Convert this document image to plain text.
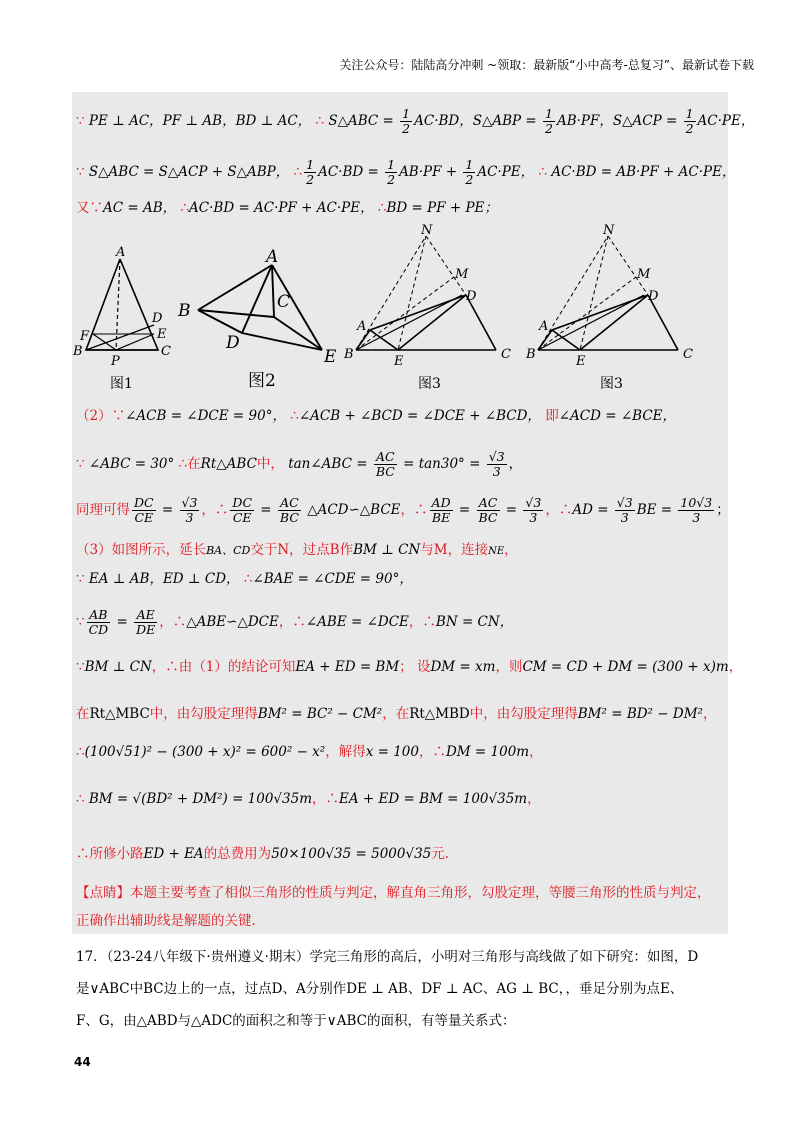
关注公众号：陆陆高分冲刺 ~领取：最新版“小中高考-总复习”、最新试卷下载
∵ PE ⊥ AC，PF ⊥ AB，BD ⊥ AC， ∴ S△ABC = $\frac{1}{2} AC\cdot BD$，S△ABP = $\frac{1}{2} AB\cdot PF$，S△ACP = $\frac{1}{2} AC\cdot PE$，
∵ S△ABC = S△ACP + S△ABP， ∴ $\frac{1}{2} AC\cdot BD = \frac{1}{2} AB\cdot PF + \frac{1}{2} AC\cdot PE$， ∴ AC·BD = AB·PF + AC·PE，
又∵AC = AB， ∴AC·BD = AC·PF + AC·PE， ∴BD = PF + PE；
A
F
D
E
B
P
C
图1
A
B	C
D
E
图2
N
M
D
A
B	E	C
图3
N
M
D
A
B	E	C
图3
（2）∵∠ACB = ∠DCE = 90°， ∴∠ACB + ∠BCD = ∠DCE + ∠BCD， 即∠ACD = ∠BCE，
∵ ∠ABC = 30° ∴在Rt△ABC中， tan∠ABC = $\frac{AC}{BC} = \tan 30^\circ = \frac{√3}{3}$ ，
同理可得 $\frac{DC}{CE} = \frac{√3}{3}$ ，∴ $\frac{DC}{CE} = \frac{AC}{BC}$ △ACD∽△BCE，∴ $\frac{AD}{BE} = \frac{AC}{BC} = \frac{√3}{3}$ ，∴AD = $\frac{√3}{3}$ BE = $\frac{10√3}{3}$ ；
（3）如图所示，延长BA、CD交于N，过点B作BM ⊥ CN与M，连接NE，
∵ EA ⊥ AB，ED ⊥ CD， ∴∠BAE = ∠CDE = 90°，
∵ $\frac{AB}{CD} = \frac{AE}{DE}$ ，∴△ABE∽△DCE，∴∠ABE = ∠DCE，∴BN = CN，
∵BM ⊥ CN，∴由（1）的结论可知EA + ED = BM； 设DM = xm，则CM = CD + DM = (300 + x)m，
在Rt△MBC中，由勾股定理得BM² = BC² − CM²，在Rt△MBD中，由勾股定理得BM² = BD² − DM²，
∴(100√51)² − (300 + x)² = 600² − x²，解得x = 100，∴DM = 100m，
∴ BM = √(BD² + DM²) = 100√35m，∴EA + ED = BM = 100√35m，
∴所修小路ED + EA的总费用为50×100√35 = 5000√35元.
【点睛】本题主要考查了相似三角形的性质与判定，解直角三角形，勾股定理，等腰三角形的性质与判定，
正确作出辅助线是解题的关键.
17．（23-24八年级下·贵州遵义·期末）学完三角形的高后，小明对三角形与高线做了如下研究：如图，D
是∨ABC中BC边上的一点，过点D、A分别作DE ⊥ AB、DF ⊥ AC、AG ⊥ BC，，垂足分别为点E、
F、G，由△ABD与△ADC的面积之和等于∨ABC的面积，有等量关系式：
44
